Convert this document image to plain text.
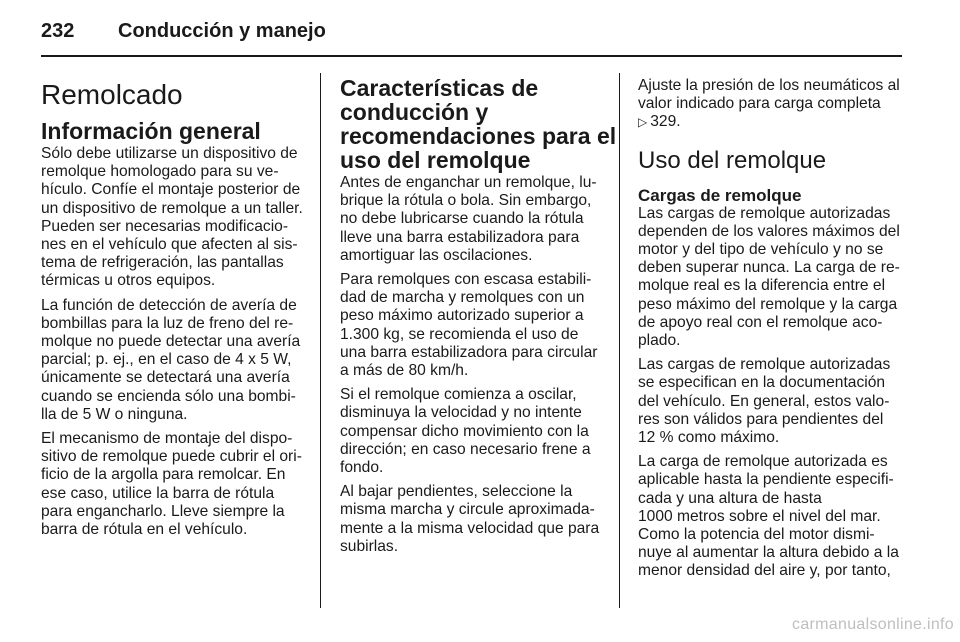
232 Conducción y manejo
Remolcado
Información general

Sólo debe utilizarse un dispositivo de

remolque homologado para su ve-

hículo. Confíe el montaje posterior de

un dispositivo de remolque a un taller.

Pueden ser necesarias modificacio-

nes en el vehículo que afecten al sis-

tema de refrigeración, las pantallas

térmicas u otros equipos.

La función de detección de avería de

bombillas para la luz de freno del re-

molque no puede detectar una avería

parcial; p. ej., en el caso de 4 x 5 W,

únicamente se detectará una avería

cuando se encienda sólo una bombi-

lla de 5 W o ninguna.

El mecanismo de montaje del dispo-

sitivo de remolque puede cubrir el ori-

ficio de la argolla para remolcar. En

ese caso, utilice la barra de rótula

para engancharlo. Lleve siempre la

barra de rótula en el vehículo.

Características de
conducción y
recomendaciones para el
uso del remolque

Antes de enganchar un remolque, lu-

brique la rótula o bola. Sin embargo,

no debe lubricarse cuando la rótula

lleve una barra estabilizadora para

amortiguar las oscilaciones.

Para remolques con escasa estabili-

dad de marcha y remolques con un

peso máximo autorizado superior a

1.300 kg, se recomienda el uso de

una barra estabilizadora para circular

a más de 80 km/h.

Si el remolque comienza a oscilar,

disminuya la velocidad y no intente

compensar dicho movimiento con la

dirección; en caso necesario frene a

fondo.

Al bajar pendientes, seleccione la

misma marcha y circule aproximada-

mente a la misma velocidad que para

subirlas.

Ajuste la presión de los neumáticos al

valor indicado para carga completa

▷ 329.

Uso del remolque
Cargas de remolque

Las cargas de remolque autorizadas

dependen de los valores máximos del

motor y del tipo de vehículo y no se

deben superar nunca. La carga de re-

molque real es la diferencia entre el

peso máximo del remolque y la carga

de apoyo real con el remolque aco-

plado.

Las cargas de remolque autorizadas

se especifican en la documentación

del vehículo. En general, estos valo-

res son válidos para pendientes del

12 % como máximo.

La carga de remolque autorizada es

aplicable hasta la pendiente especifi-

cada y una altura de hasta

1000 metros sobre el nivel del mar.

Como la potencia del motor dismi-

nuye al aumentar la altura debido a la

menor densidad del aire y, por tanto,

carmanualsonline.info
